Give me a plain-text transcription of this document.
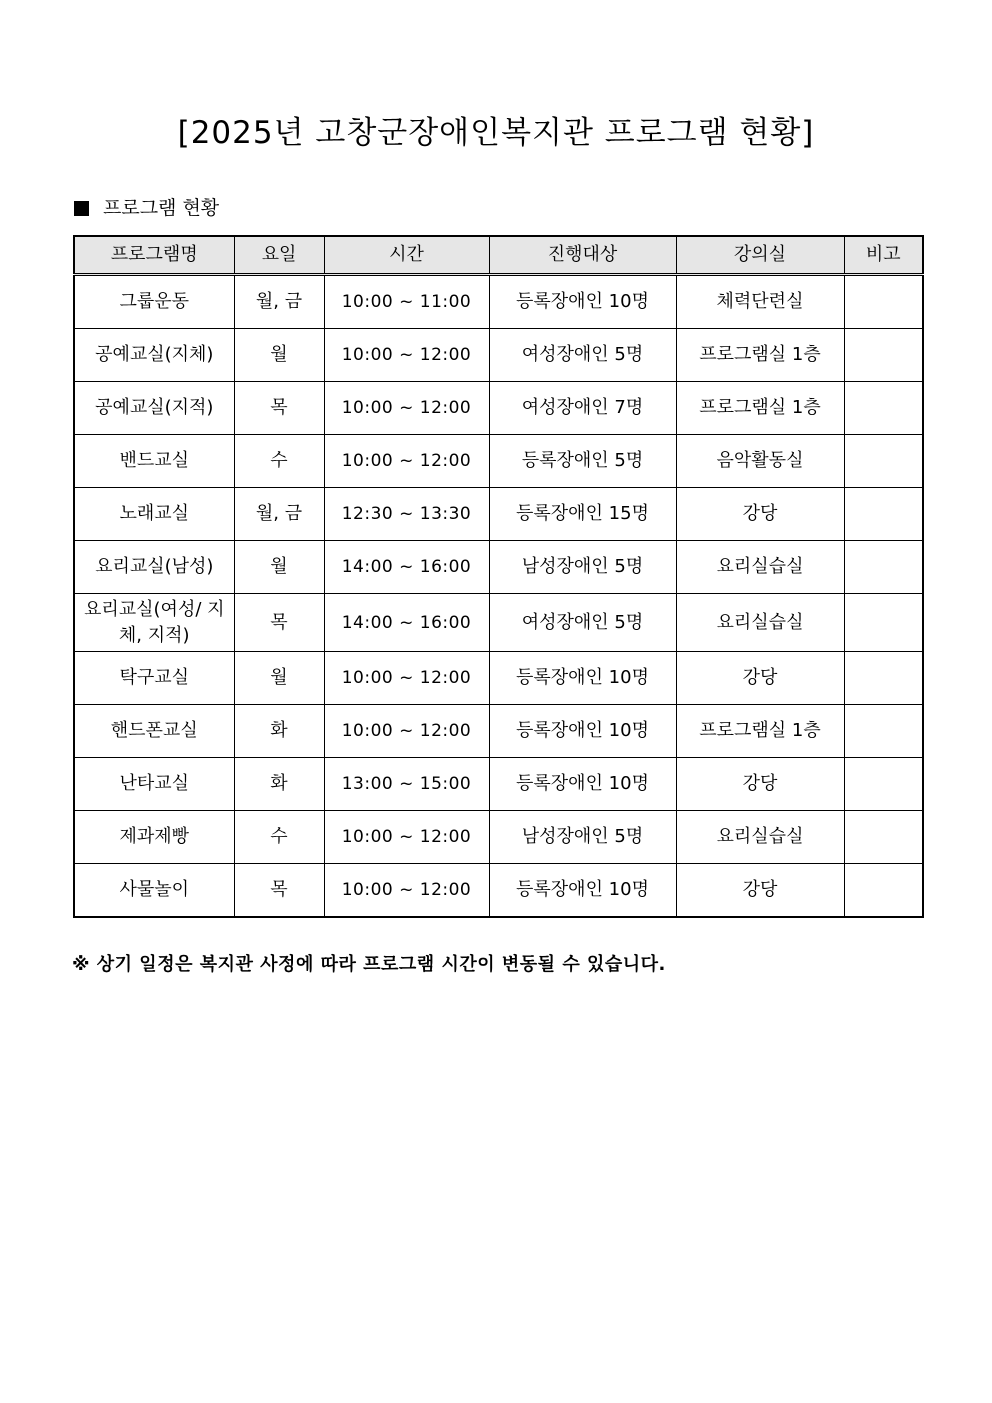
[2025년 고창군장애인복지관 프로그램 현황]
프로그램 현황
프로그램명	요일	시간	진행대상	강의실	비고
그룹운동	월, 금	10:00 ~ 11:00	등록장애인 10명	체력단련실	
공예교실(지체)	월	10:00 ~ 12:00	여성장애인 5명	프로그램실 1층	
공예교실(지적)	목	10:00 ~ 12:00	여성장애인 7명	프로그램실 1층	
밴드교실	수	10:00 ~ 12:00	등록장애인 5명	음악활동실	
노래교실	월, 금	12:30 ~ 13:30	등록장애인 15명	강당	
요리교실(남성)	월	14:00 ~ 16:00	남성장애인 5명	요리실습실	
요리교실(여성/ 지체, 지적)	목	14:00 ~ 16:00	여성장애인 5명	요리실습실	
탁구교실	월	10:00 ~ 12:00	등록장애인 10명	강당	
핸드폰교실	화	10:00 ~ 12:00	등록장애인 10명	프로그램실 1층	
난타교실	화	13:00 ~ 15:00	등록장애인 10명	강당	
제과제빵	수	10:00 ~ 12:00	남성장애인 5명	요리실습실	
사물놀이	목	10:00 ~ 12:00	등록장애인 10명	강당	
※ 상기 일정은 복지관 사정에 따라 프로그램 시간이 변동될 수 있습니다.
